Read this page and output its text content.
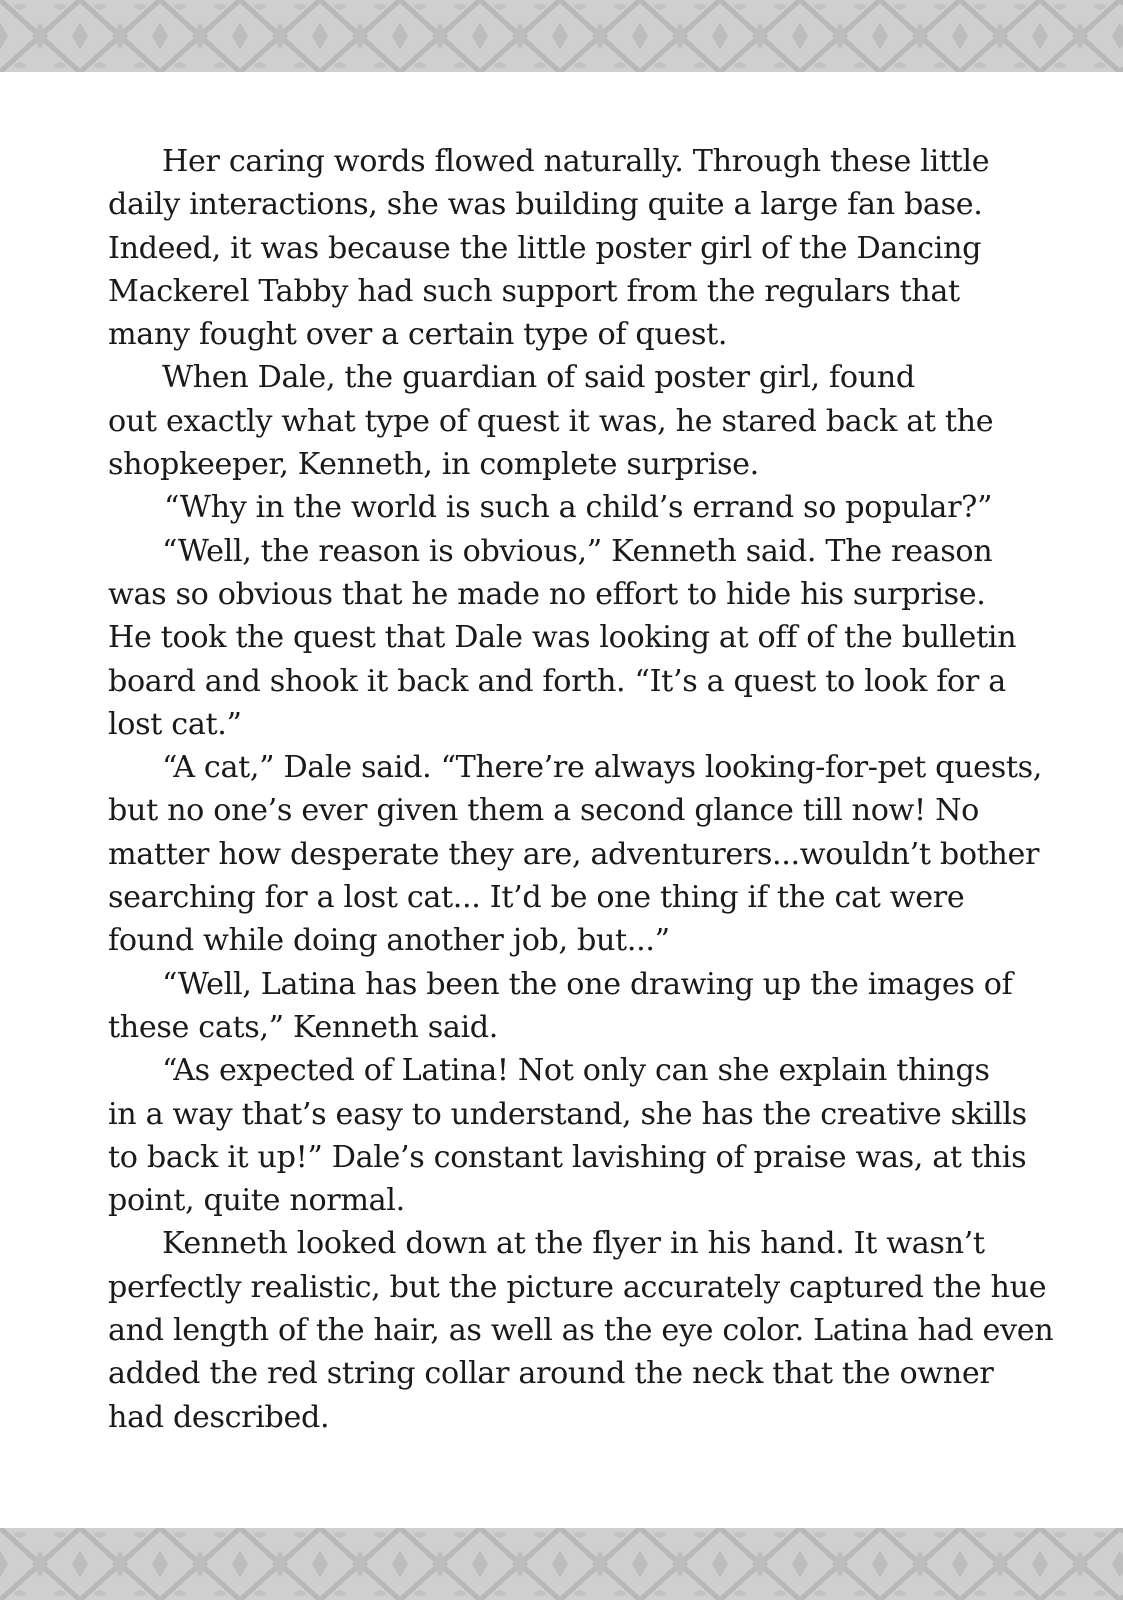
Her caring words flowed naturally. Through these little
daily interactions, she was building quite a large fan base.
Indeed, it was because the little poster girl of the Dancing
Mackerel Tabby had such support from the regulars that
many fought over a certain type of quest.
When Dale, the guardian of said poster girl, found
out exactly what type of quest it was, he stared back at the
shopkeeper, Kenneth, in complete surprise.
“Why in the world is such a child’s errand so popular?”
“Well, the reason is obvious,” Kenneth said. The reason
was so obvious that he made no effort to hide his surprise.
He took the quest that Dale was looking at off of the bulletin
board and shook it back and forth. “It’s a quest to look for a
lost cat.”
“A cat,” Dale said. “There’re always looking-for-pet quests,
but no one’s ever given them a second glance till now! No
matter how desperate they are, adventurers...wouldn’t bother
searching for a lost cat... It’d be one thing if the cat were
found while doing another job, but...”
“Well, Latina has been the one drawing up the images of
these cats,” Kenneth said.
“As expected of Latina! Not only can she explain things
in a way that’s easy to understand, she has the creative skills
to back it up!” Dale’s constant lavishing of praise was, at this
point, quite normal.
Kenneth looked down at the flyer in his hand. It wasn’t
perfectly realistic, but the picture accurately captured the hue
and length of the hair, as well as the eye color. Latina had even
added the red string collar around the neck that the owner
had described.
